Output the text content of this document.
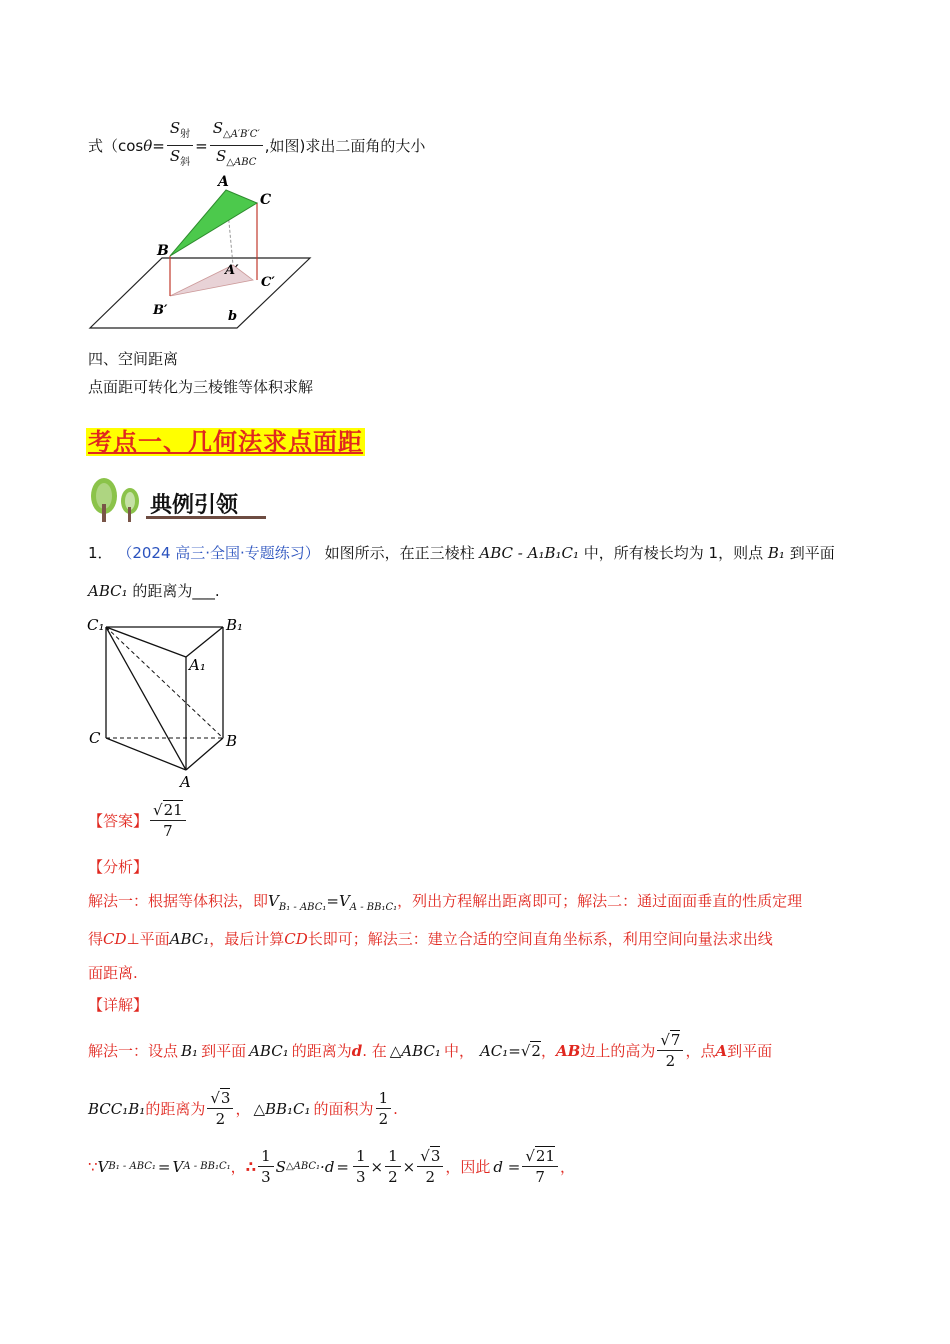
式（cos $\theta = \frac{S_射}{S_斜} = \frac{S_{\triangle A'B'C'}}{S_{\triangle ABC}}$ ,如图)求出二面角的大小
A
C
B
A′
C′
B′	b
四、空间距离
点面距可转化为三棱锥等体积求解
考点一、几何法求点面距
典例引领
1． （2024 高三·全国·专题练习） 如图所示，在正三棱柱 ABC - A₁B₁C₁ 中，所有棱长均为 1，则点 B₁ 到平面
ABC₁ 的距离为___.
C₁	B₁
A₁
C	B
A
【答案】 $\frac{√21}{7}$
【分析】
解法一：根据等体积法，即$V_{B_1 - ABC_1}=V_{A - BB_1C_1}$，列出方程解出距离即可；解法二：通过面面垂直的性质定理
得CD⊥平面ABC₁，最后计算CD长即可；解法三：建立合适的空间直角坐标系，利用空间向量法求出线
面距离.
【详解】
解法一：设点 B₁ 到平面 ABC₁ 的距离为 d . 在 △ABC₁ 中， AC₁ = √2 ， AB 边上的高为 $\frac{√7}{2}$ ，点 A 到平面
BCC₁B₁ 的距离为 $\frac{√3}{2}$ ， △BB₁C₁ 的面积为 $\frac{1}{2}$ .
∵ V B₁ - ABC₁ = V A - BB₁C₁ ， ∴ $\frac{1}{3}$ S △ABC₁ $\cdot d = \frac{1}{3} \times \frac{1}{2} \times \frac{√3}{2}$ ，因此 $d = \frac{√21}{7}$ ，
